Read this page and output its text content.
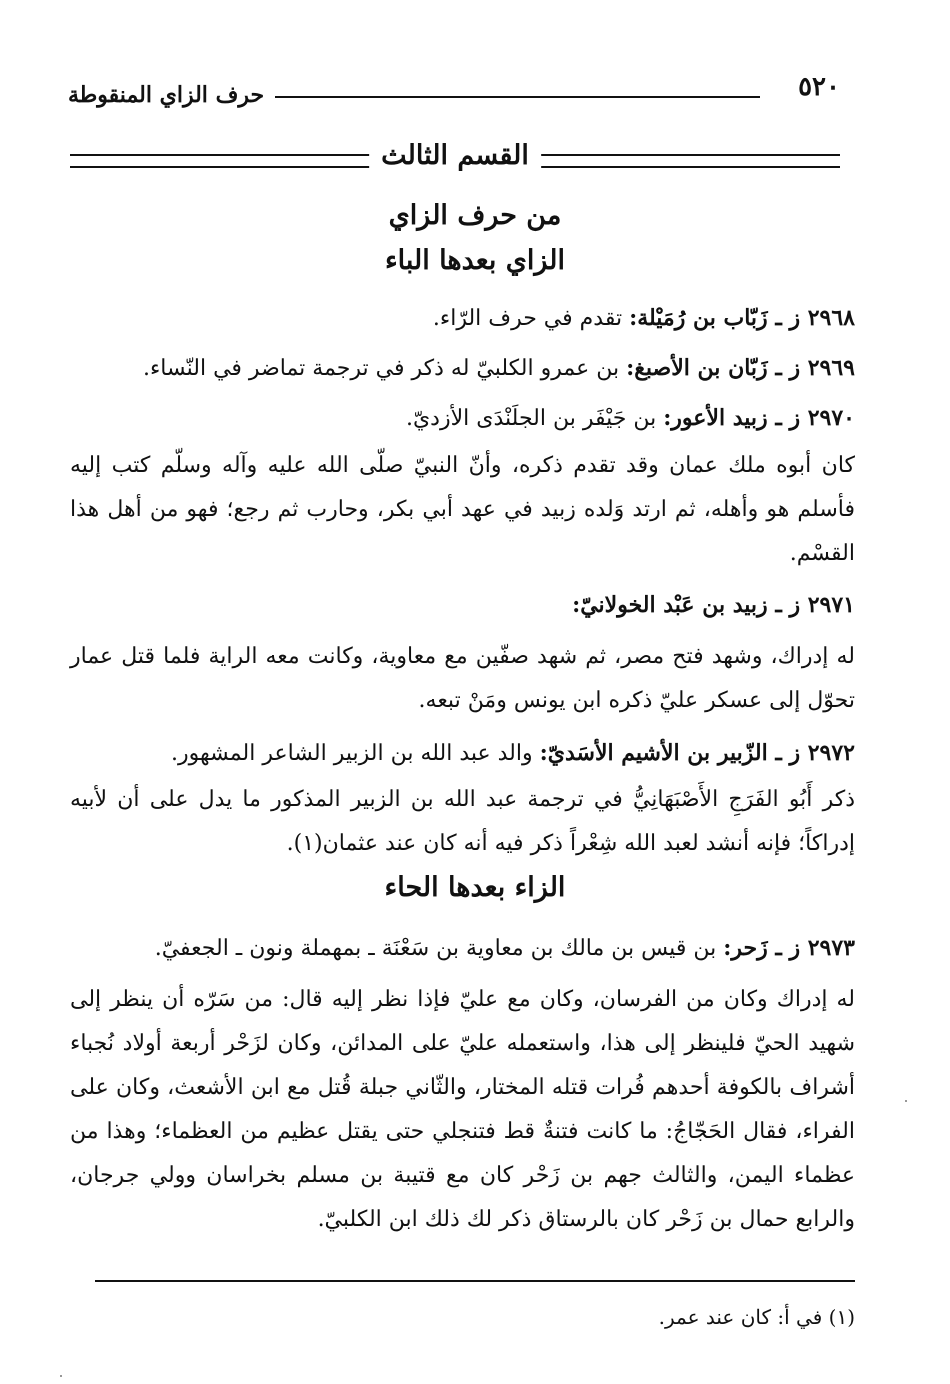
٥٢٠
حرف الزاي المنقوطة
القسم الثالث
من حرف الزاي
الزاي بعدها الباء
٢٩٦٨ ز ـ زَبّاب بن رُمَيْلة: تقدم في حرف الرّاء.
٢٩٦٩ ز ـ زَبّان بن الأصبغ: بن عمرو الكلبيّ له ذكر في ترجمة تماضر في النّساء.
٢٩٧٠ ز ـ زبيد الأعور: بن جَيْفَر بن الجلَنْدَى الأزديّ.
كان أبوه ملك عمان وقد تقدم ذكره، وأنّ النبيّ صلّى الله عليه وآله وسلّم كتب إليه فأسلم هو وأهله، ثم ارتد وَلده زبيد في عهد أبي بكر، وحارب ثم رجع؛ فهو من أهل هذا القسْم.
٢٩٧١ ز ـ زبيد بن عَبْد الخولانيّ:
له إدراك، وشهد فتح مصر، ثم شهد صفّين مع معاوية، وكانت معه الراية فلما قتل عمار تحوّل إلى عسكر عليّ ذكره ابن يونس ومَنْ تبعه.
٢٩٧٢ ز ـ الزّبير بن الأشيم الأسَديّ: والد عبد الله بن الزبير الشاعر المشهور.
ذكر أَبُو الفَرَجِ الأَصْبَهَانِيُّ في ترجمة عبد الله بن الزبير المذكور ما يدل على أن لأبيه إدراكاً؛ فإنه أنشد لعبد الله شِعْراً ذكر فيه أنه كان عند عثمان(١).
الزاء بعدها الحاء
٢٩٧٣ ز ـ زَحر: بن قيس بن مالك بن معاوية بن سَعْنَة ـ بمهملة ونون ـ الجعفيّ.
له إدراك وكان من الفرسان، وكان مع عليّ فإذا نظر إليه قال: من سَرّه أن ينظر إلى شهيد الحيّ فلينظر إلى هذا، واستعمله عليّ على المدائن، وكان لزَحْر أربعة أولاد نُجباء أشراف بالكوفة أحدهم فُرات قتله المختار، والثّاني جبلة قُتل مع ابن الأشعث، وكان على الفراء، فقال الحَجّاجُ: ما كانت فتنةٌ قط فتنجلي حتى يقتل عظيم من العظماء؛ وهذا من عظماء اليمن، والثالث جهم بن زَحْر كان مع قتيبة بن مسلم بخراسان وولي جرجان، والرابع حمال بن زَحْر كان بالرستاق ذكر لك ذلك ابن الكلبيّ.
(١) في أ: كان عند عمر.
